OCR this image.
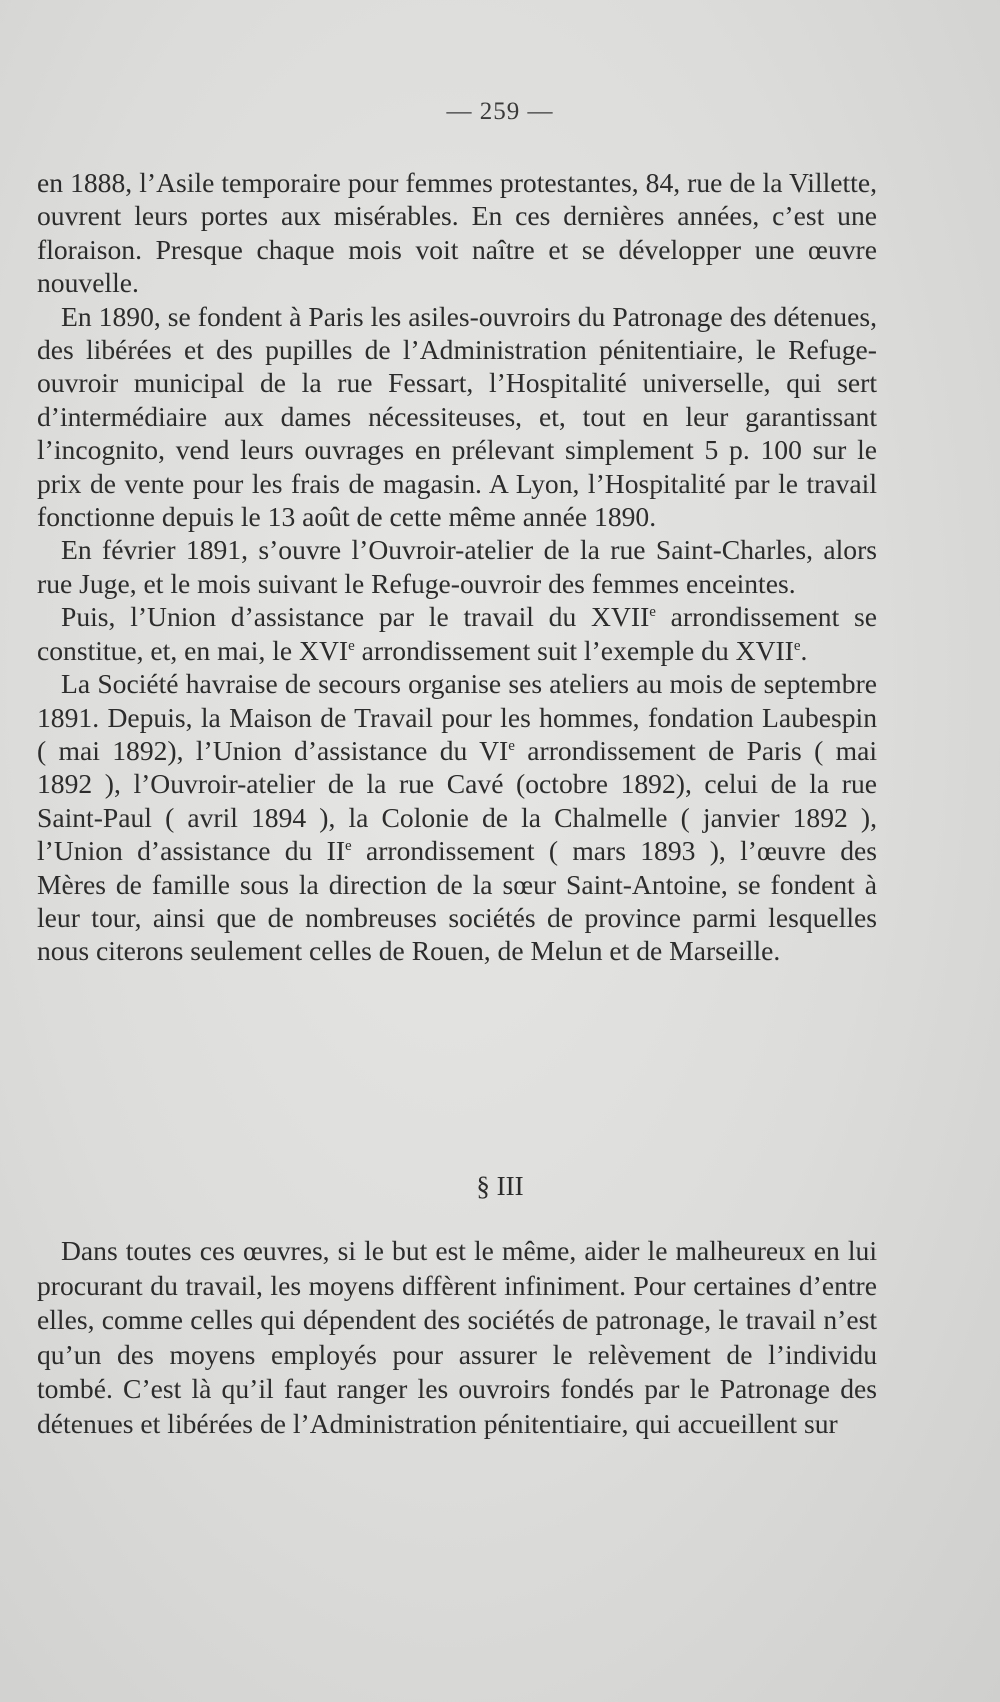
— 259 —

en 1888, l’Asile temporaire pour femmes protestantes, 84, rue de la Villette, ouvrent leurs portes aux misérables. En ces dernières années, c’est une floraison. Presque chaque mois voit naître et se développer une œuvre nouvelle.

En 1890, se fondent à Paris les asiles-ouvroirs du Patronage des détenues, des libérées et des pupilles de l’Administration pénitentiaire, le Refuge-ouvroir municipal de la rue Fessart, l’Hospitalité universelle, qui sert d’intermédiaire aux dames nécessiteuses, et, tout en leur garantissant l’incognito, vend leurs ouvrages en prélevant simplement 5 p. 100 sur le prix de vente pour les frais de magasin. A Lyon, l’Hospitalité par le travail fonctionne depuis le 13 août de cette même année 1890.

En février 1891, s’ouvre l’Ouvroir-atelier de la rue Saint-Charles, alors rue Juge, et le mois suivant le Refuge-ouvroir des femmes enceintes.

Puis, l’Union d’assistance par le travail du XVIIe arrondissement se constitue, et, en mai, le XVIe arrondissement suit l’exemple du XVIIe.

La Société havraise de secours organise ses ateliers au mois de septembre 1891. Depuis, la Maison de Travail pour les hommes, fondation Laubespin ( mai 1892), l’Union d’assistance du VIe arrondissement de Paris ( mai 1892 ), l’Ouvroir-atelier de la rue Cavé (octobre 1892), celui de la rue Saint-Paul ( avril 1894 ), la Colonie de la Chalmelle ( janvier 1892 ), l’Union d’assistance du IIe arrondissement ( mars 1893 ), l’œuvre des Mères de famille sous la direction de la sœur Saint-Antoine, se fondent à leur tour, ainsi que de nombreuses sociétés de province parmi lesquelles nous citerons seulement celles de Rouen, de Melun et de Marseille.

§ III

Dans toutes ces œuvres, si le but est le même, aider le malheureux en lui procurant du travail, les moyens diffèrent infiniment. Pour certaines d’entre elles, comme celles qui dépendent des sociétés de patronage, le travail n’est qu’un des moyens employés pour assurer le relèvement de l’individu tombé. C’est là qu’il faut ranger les ouvroirs fondés par le Patronage des détenues et libérées de l’Administration pénitentiaire, qui accueillent sur
